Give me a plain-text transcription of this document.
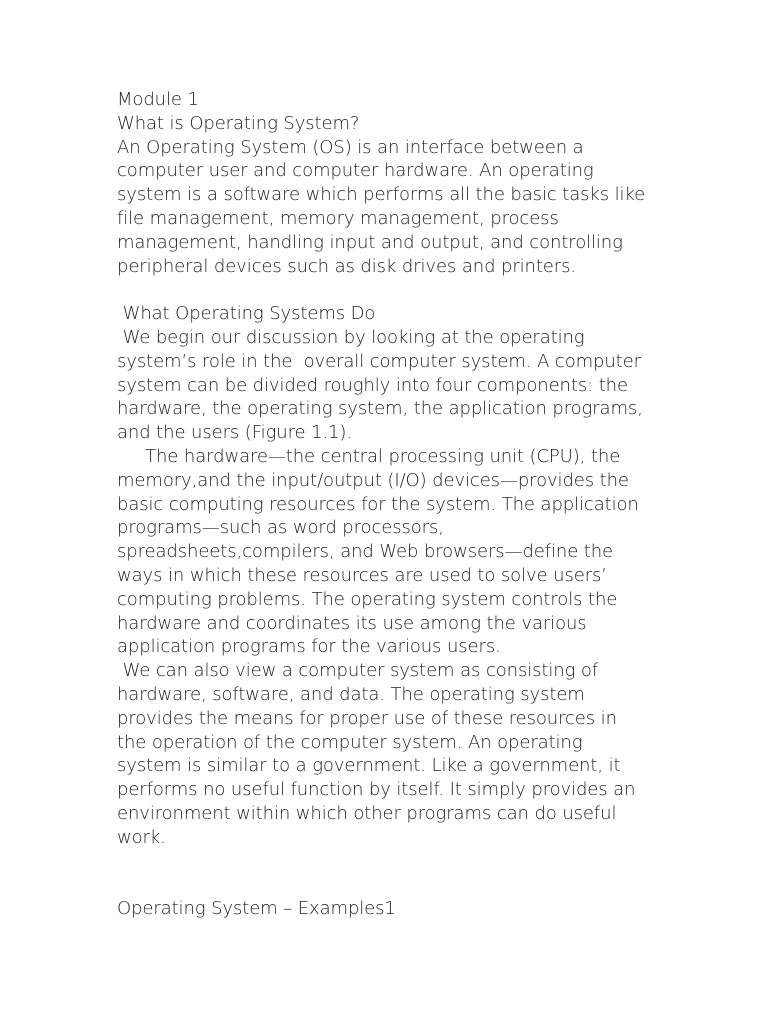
Module 1
What is Operating System?
An Operating System (OS) is an interface between a
computer user and computer hardware. An operating
system is a software which performs all the basic tasks like
file management, memory management, process
management, handling input and output, and controlling
peripheral devices such as disk drives and printers.
What Operating Systems Do
We begin our discussion by looking at the operating
system’s role in the  overall computer system. A computer
system can be divided roughly into four components: the
hardware, the operating system, the application programs,
and the users (Figure 1.1).
The hardware—the central processing unit (CPU), the
memory,and the input/output (I/O) devices—provides the
basic computing resources for the system. The application
programs—such as word processors,
spreadsheets,compilers, and Web browsers—define the
ways in which these resources are used to solve users’
computing problems. The operating system controls the
hardware and coordinates its use among the various
application programs for the various users.
We can also view a computer system as consisting of
hardware, software, and data. The operating system
provides the means for proper use of these resources in
the operation of the computer system. An operating
system is similar to a government. Like a government, it
performs no useful function by itself. It simply provides an
environment within which other programs can do useful
work.
Operating System – Examples1
